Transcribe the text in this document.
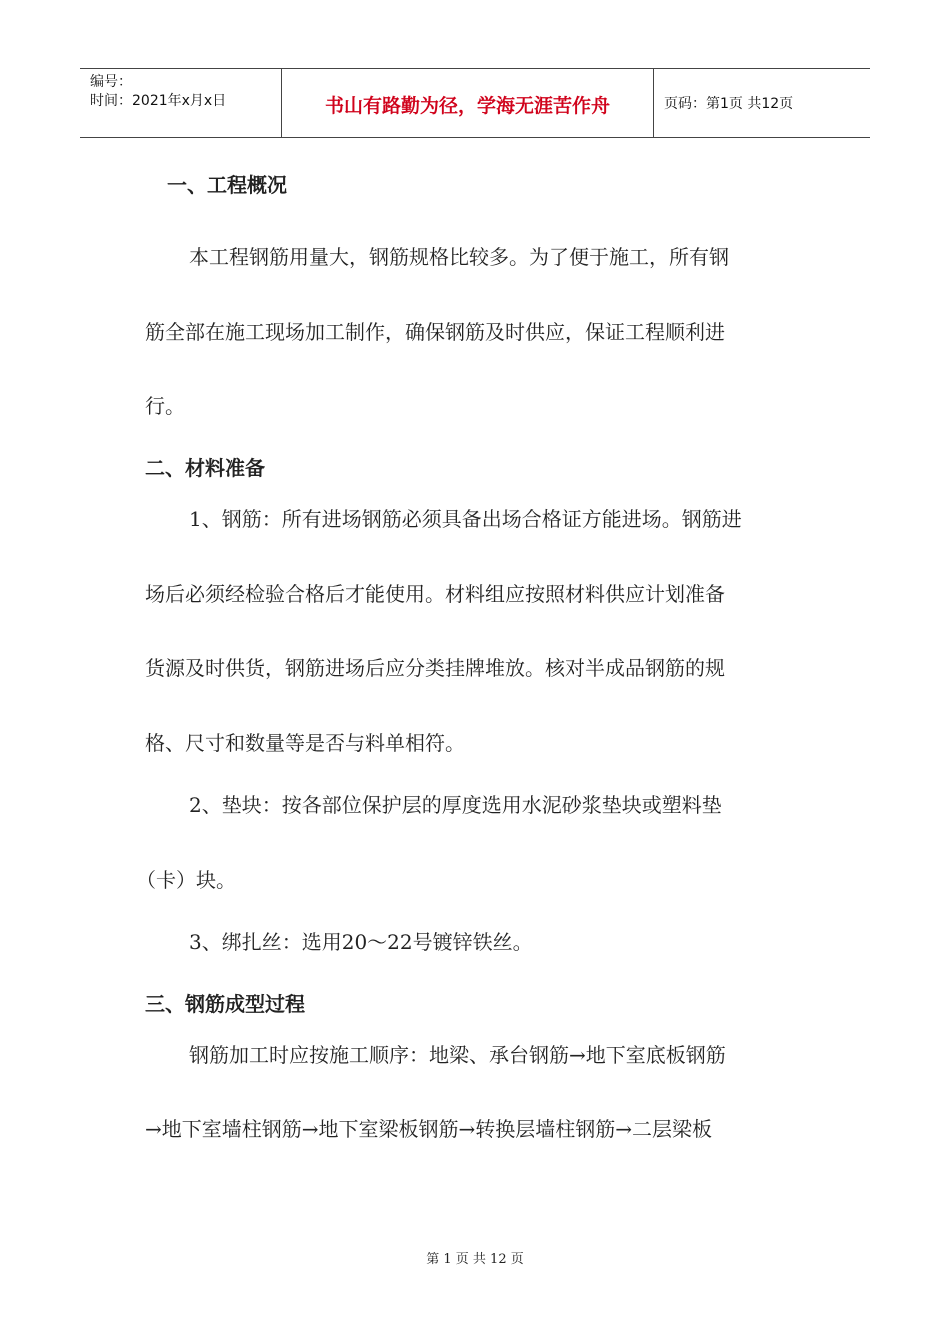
编号：
时间：2021年x月x日	书山有路勤为径，学海无涯苦作舟	页码：第1页 共12页
一、工程概况
本工程钢筋用量大，钢筋规格比较多。为了便于施工，所有钢
筋全部在施工现场加工制作，确保钢筋及时供应，保证工程顺利进
行。
二、材料准备
1、钢筋：所有进场钢筋必须具备出场合格证方能进场。钢筋进
场后必须经检验合格后才能使用。材料组应按照材料供应计划准备
货源及时供货，钢筋进场后应分类挂牌堆放。核对半成品钢筋的规
格、尺寸和数量等是否与料单相符。
2、垫块：按各部位保护层的厚度选用水泥砂浆垫块或塑料垫
（卡）块。
3、绑扎丝：选用20～22号镀锌铁丝。
三、钢筋成型过程
钢筋加工时应按施工顺序：地梁、承台钢筋→地下室底板钢筋
→地下室墙柱钢筋→地下室梁板钢筋→转换层墙柱钢筋→二层梁板
第 1 页 共 12 页
